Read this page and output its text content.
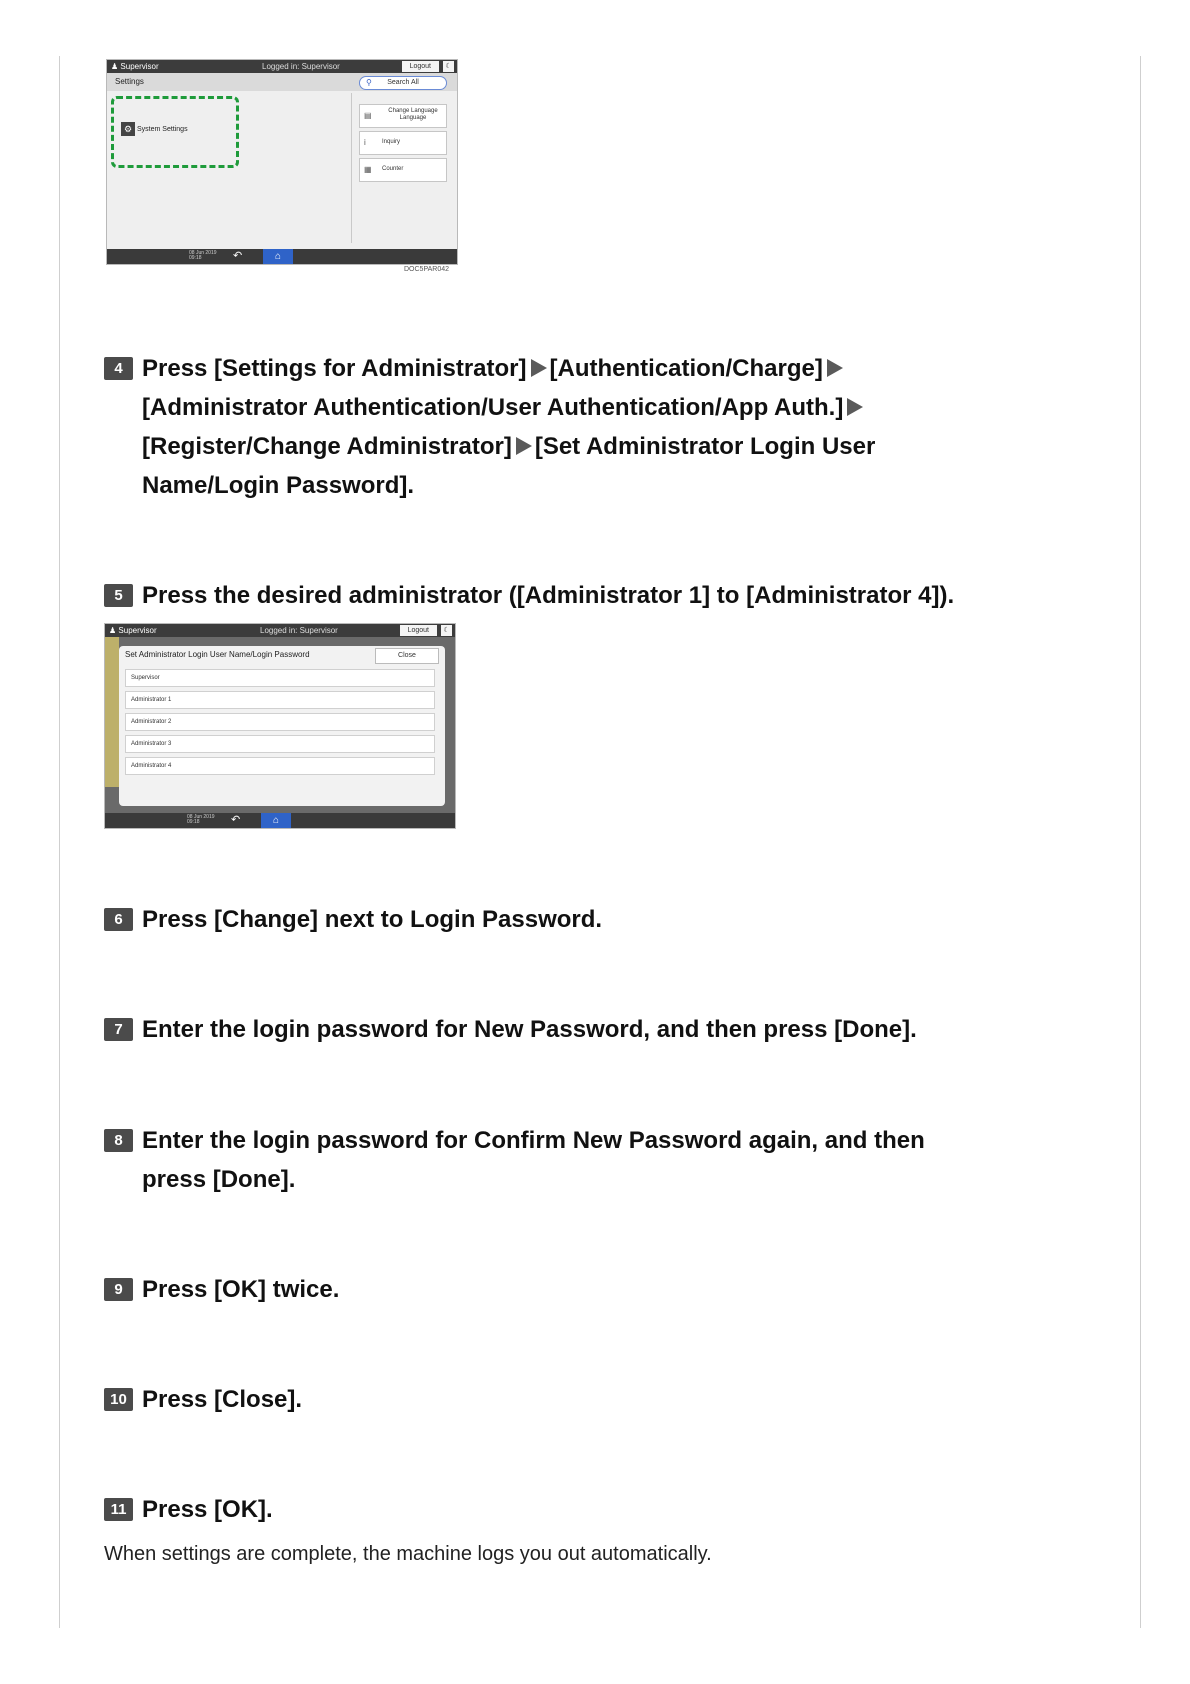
♟ Supervisor	Logged in: Supervisor	Logout	☾
Settings	⚲ Search All
⚙ System Settings
▤	Change Language Language
i	Inquiry
▦ Counter
08 Jun 2019 09:18	↶	⌂
DOC5PAR042
4 Press [Settings for Administrator] [Authentication/Charge]
[Administrator Authentication/User Authentication/App Auth.]
[Register/Change Administrator] [Set Administrator Login User
Name/Login Password].
5 Press the desired administrator ([Administrator 1] to [Administrator 4]).
♟ Supervisor	Logged in: Supervisor	Logout	☾
Set Administrator Login User Name/Login Password	Close
Supervisor
Administrator 1
Administrator 2
Administrator 3
Administrator 4
08 Jun 2019 09:18	↶	⌂
6 Press [Change] next to Login Password.
7 Enter the login password for New Password, and then press [Done].
8 Enter the login password for Confirm New Password again, and then
press [Done].
9 Press [OK] twice.
10 Press [Close].
11 Press [OK].
When settings are complete, the machine logs you out automatically.
